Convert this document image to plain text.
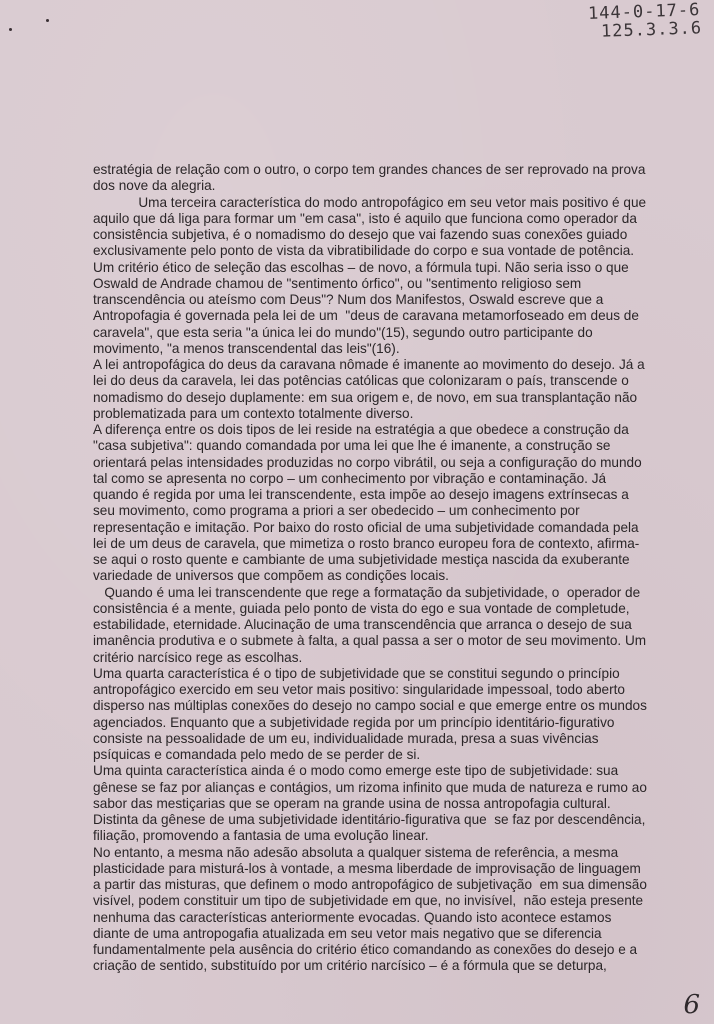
144-0-17-6
125.3.3.6

estratégia de relação com o outro, o corpo tem grandes chances de ser reprovado na prova
dos nove da alegria.

Uma terceira característica do modo antropofágico em seu vetor mais positivo é que
aquilo que dá liga para formar um "em casa", isto é aquilo que funciona como operador da
consistência subjetiva, é o nomadismo do desejo que vai fazendo suas conexões guiado
exclusivamente pelo ponto de vista da vibratibilidade do corpo e sua vontade de potência.
Um critério ético de seleção das escolhas – de novo, a fórmula tupi. Não seria isso o que
Oswald de Andrade chamou de "sentimento órfico", ou "sentimento religioso sem
transcendência ou ateísmo com Deus"? Num dos Manifestos, Oswald escreve que a
Antropofagia é governada pela lei de um  "deus de caravana metamorfoseado em deus de
caravela", que esta seria "a única lei do mundo"(15), segundo outro participante do
movimento, "a menos transcendental das leis"(16).

A lei antropofágica do deus da caravana nômade é imanente ao movimento do desejo. Já a
lei do deus da caravela, lei das potências católicas que colonizaram o país, transcende o
nomadismo do desejo duplamente: em sua origem e, de novo, em sua transplantação não
problematizada para um contexto totalmente diverso.

A diferença entre os dois tipos de lei reside na estratégia a que obedece a construção da
"casa subjetiva": quando comandada por uma lei que lhe é imanente, a construção se
orientará pelas intensidades produzidas no corpo vibrátil, ou seja a configuração do mundo
tal como se apresenta no corpo – um conhecimento por vibração e contaminação. Já
quando é regida por uma lei transcendente, esta impõe ao desejo imagens extrínsecas a
seu movimento, como programa a priori a ser obedecido – um conhecimento por
representação e imitação. Por baixo do rosto oficial de uma subjetividade comandada pela
lei de um deus de caravela, que mimetiza o rosto branco europeu fora de contexto, afirma-
se aqui o rosto quente e cambiante de uma subjetividade mestiça nascida da exuberante
variedade de universos que compõem as condições locais.

Quando é uma lei transcendente que rege a formatação da subjetividade, o  operador de
consistência é a mente, guiada pelo ponto de vista do ego e sua vontade de completude,
estabilidade, eternidade. Alucinação de uma transcendência que arranca o desejo de sua
imanência produtiva e o submete à falta, a qual passa a ser o motor de seu movimento. Um
critério narcísico rege as escolhas.

Uma quarta característica é o tipo de subjetividade que se constitui segundo o princípio
antropofágico exercido em seu vetor mais positivo: singularidade impessoal, todo aberto
disperso nas múltiplas conexões do desejo no campo social e que emerge entre os mundos
agenciados. Enquanto que a subjetividade regida por um princípio identitário-figurativo
consiste na pessoalidade de um eu, individualidade murada, presa a suas vivências
psíquicas e comandada pelo medo de se perder de si.

Uma quinta característica ainda é o modo como emerge este tipo de subjetividade: sua
gênese se faz por alianças e contágios, um rizoma infinito que muda de natureza e rumo ao
sabor das mestiçarias que se operam na grande usina de nossa antropofagia cultural.
Distinta da gênese de uma subjetividade identitário-figurativa que  se faz por descendência,
filiação, promovendo a fantasia de uma evolução linear.

No entanto, a mesma não adesão absoluta a qualquer sistema de referência, a mesma
plasticidade para misturá-los à vontade, a mesma liberdade de improvisação de linguagem
a partir das misturas, que definem o modo antropofágico de subjetivação  em sua dimensão
visível, podem constituir um tipo de subjetividade em que, no invisível,  não esteja presente
nenhuma das características anteriormente evocadas. Quando isto acontece estamos
diante de uma antropogafia atualizada em seu vetor mais negativo que se diferencia
fundamentalmente pela ausência do critério ético comandando as conexões do desejo e a
criação de sentido, substituído por um critério narcísico – é a fórmula que se deturpa,

6
